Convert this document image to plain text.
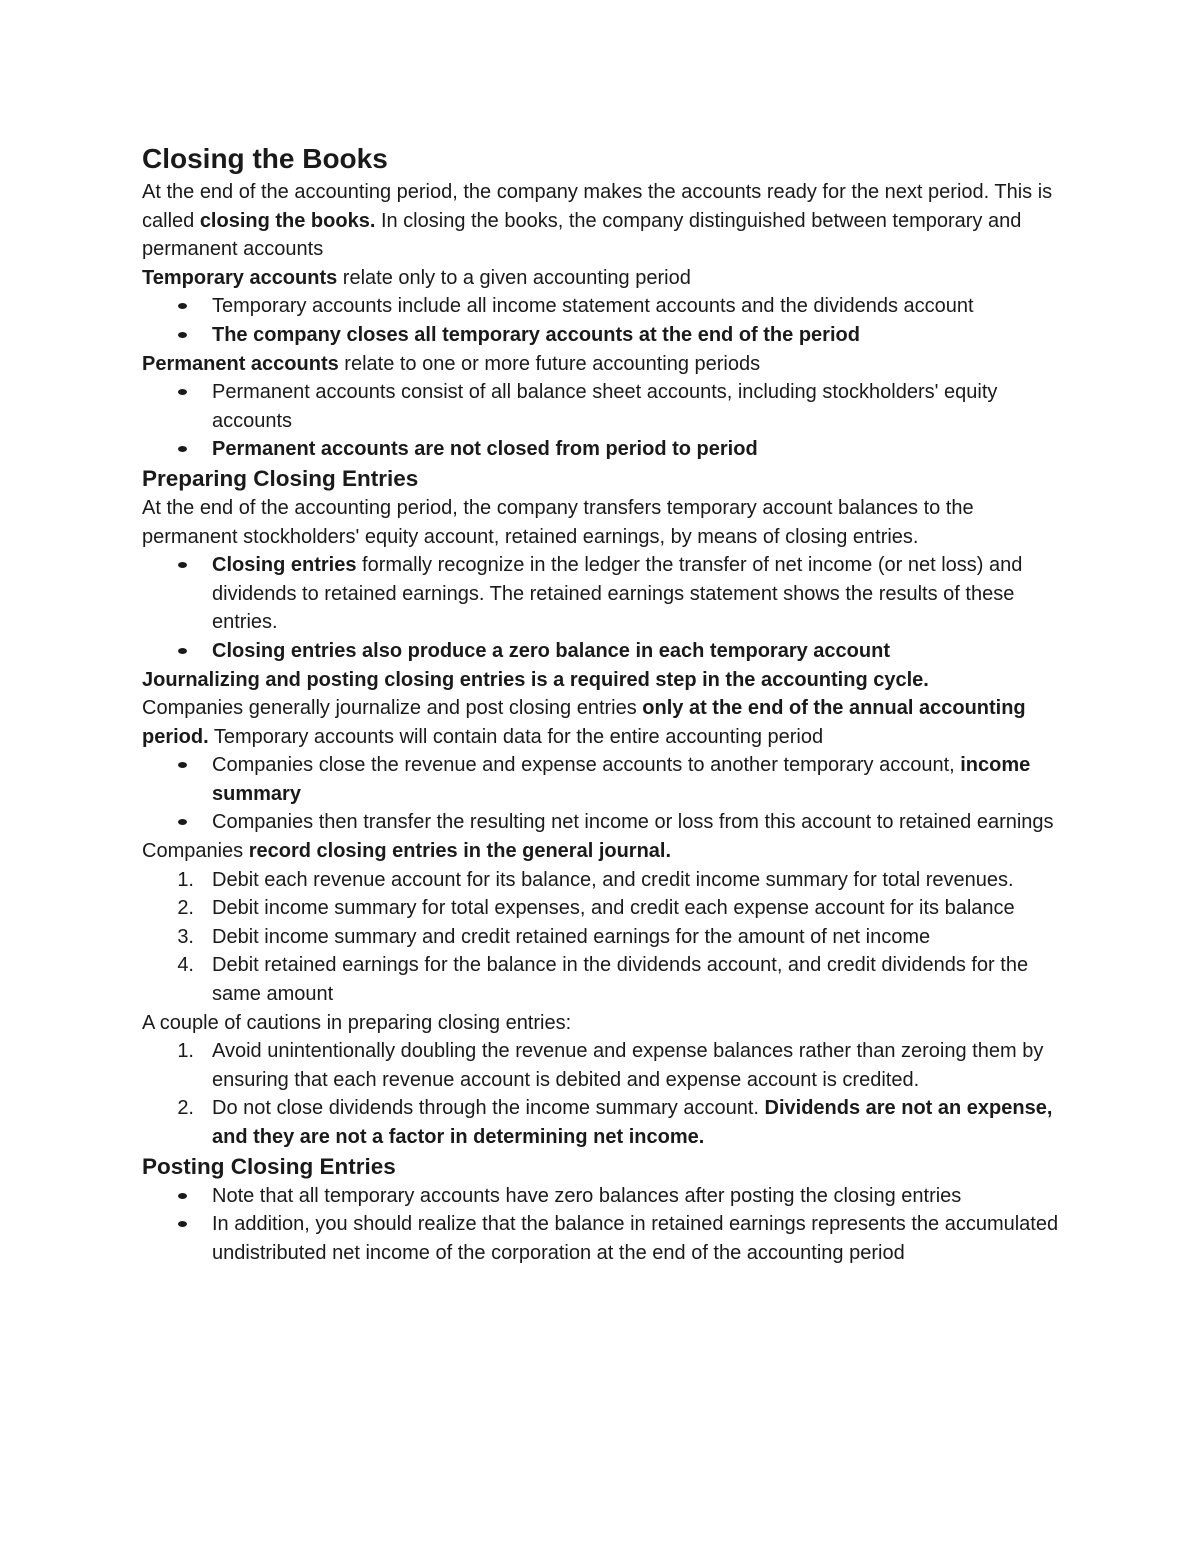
Closing the Books

At the end of the accounting period, the company makes the accounts ready for the next period. This is called closing the books. In closing the books, the company distinguished between temporary and permanent accounts

Temporary accounts relate only to a given accounting period

Temporary accounts include all income statement accounts and the dividends account
The company closes all temporary accounts at the end of the period

Permanent accounts relate to one or more future accounting periods

Permanent accounts consist of all balance sheet accounts, including stockholders' equity accounts
Permanent accounts are not closed from period to period
Preparing Closing Entries

At the end of the accounting period, the company transfers temporary account balances to the permanent stockholders' equity account, retained earnings, by means of closing entries.

Closing entries formally recognize in the ledger the transfer of net income (or net loss) and dividends to retained earnings. The retained earnings statement shows the results of these entries.
Closing entries also produce a zero balance in each temporary account

Journalizing and posting closing entries is a required step in the accounting cycle.

Companies generally journalize and post closing entries only at the end of the annual accounting period. Temporary accounts will contain data for the entire accounting period

Companies close the revenue and expense accounts to another temporary account, income summary
Companies then transfer the resulting net income or loss from this account to retained earnings

Companies record closing entries in the general journal.

1. Debit each revenue account for its balance, and credit income summary for total revenues.
2. Debit income summary for total expenses, and credit each expense account for its balance
3. Debit income summary and credit retained earnings for the amount of net income
4. Debit retained earnings for the balance in the dividends account, and credit dividends for the same amount

A couple of cautions in preparing closing entries:

1. Avoid unintentionally doubling the revenue and expense balances rather than zeroing them by ensuring that each revenue account is debited and expense account is credited.
2. Do not close dividends through the income summary account. Dividends are not an expense, and they are not a factor in determining net income.
Posting Closing Entries
Note that all temporary accounts have zero balances after posting the closing entries
In addition, you should realize that the balance in retained earnings represents the accumulated undistributed net income of the corporation at the end of the accounting period
